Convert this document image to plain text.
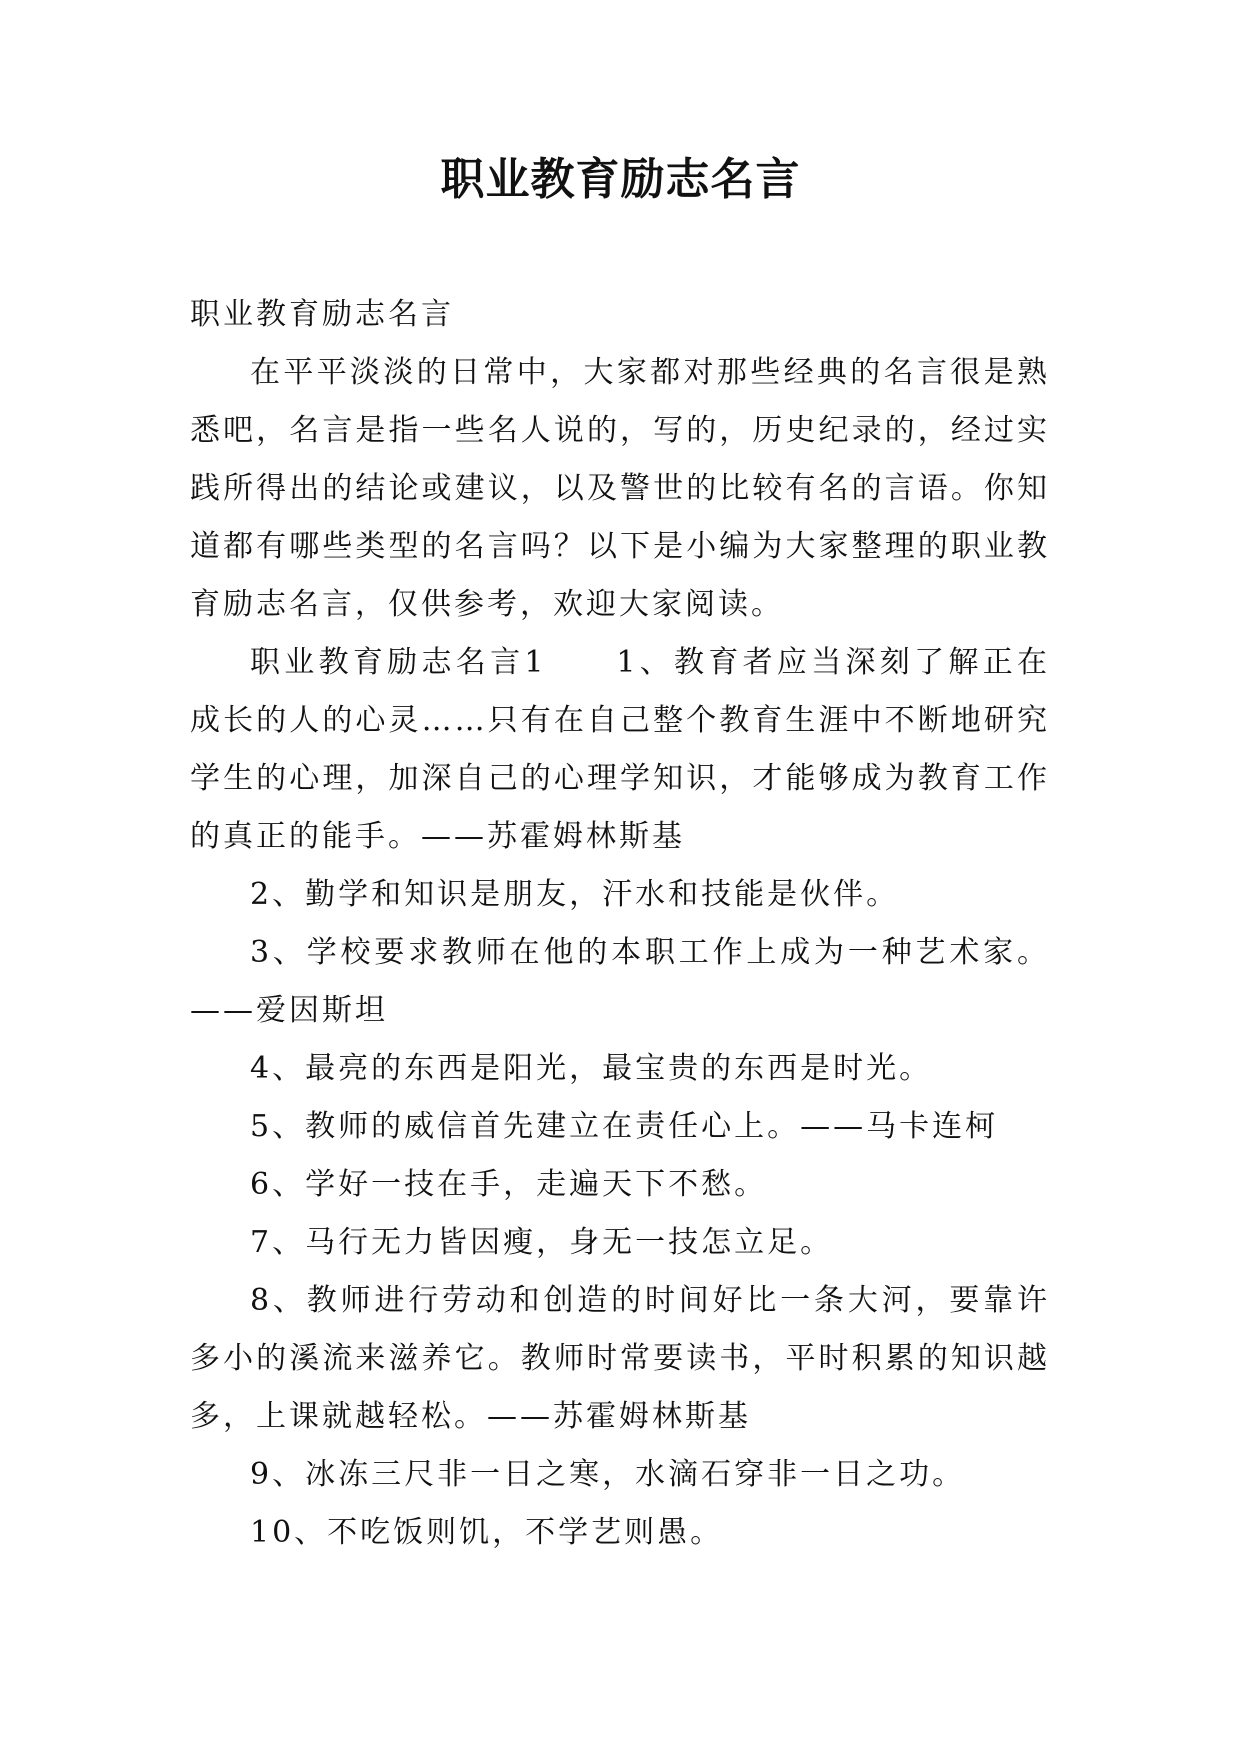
职业教育励志名言

职业教育励志名言

在平平淡淡的日常中，大家都对那些经典的名言很是熟悉吧，名言是指一些名人说的，写的，历史纪录的，经过实践所得出的结论或建议，以及警世的比较有名的言语。你知道都有哪些类型的名言吗？以下是小编为大家整理的职业教育励志名言，仅供参考，欢迎大家阅读。

职业教育励志名言1　　1、教育者应当深刻了解正在成长的人的心灵……只有在自己整个教育生涯中不断地研究学生的心理，加深自己的心理学知识，才能够成为教育工作的真正的能手。——苏霍姆林斯基

2、勤学和知识是朋友，汗水和技能是伙伴。

3、学校要求教师在他的本职工作上成为一种艺术家。——爱因斯坦

4、最亮的东西是阳光，最宝贵的东西是时光。

5、教师的威信首先建立在责任心上。——马卡连柯

6、学好一技在手，走遍天下不愁。

7、马行无力皆因瘦，身无一技怎立足。

8、教师进行劳动和创造的时间好比一条大河，要靠许多小的溪流来滋养它。教师时常要读书，平时积累的知识越多，上课就越轻松。——苏霍姆林斯基

9、冰冻三尺非一日之寒，水滴石穿非一日之功。

10、不吃饭则饥，不学艺则愚。
